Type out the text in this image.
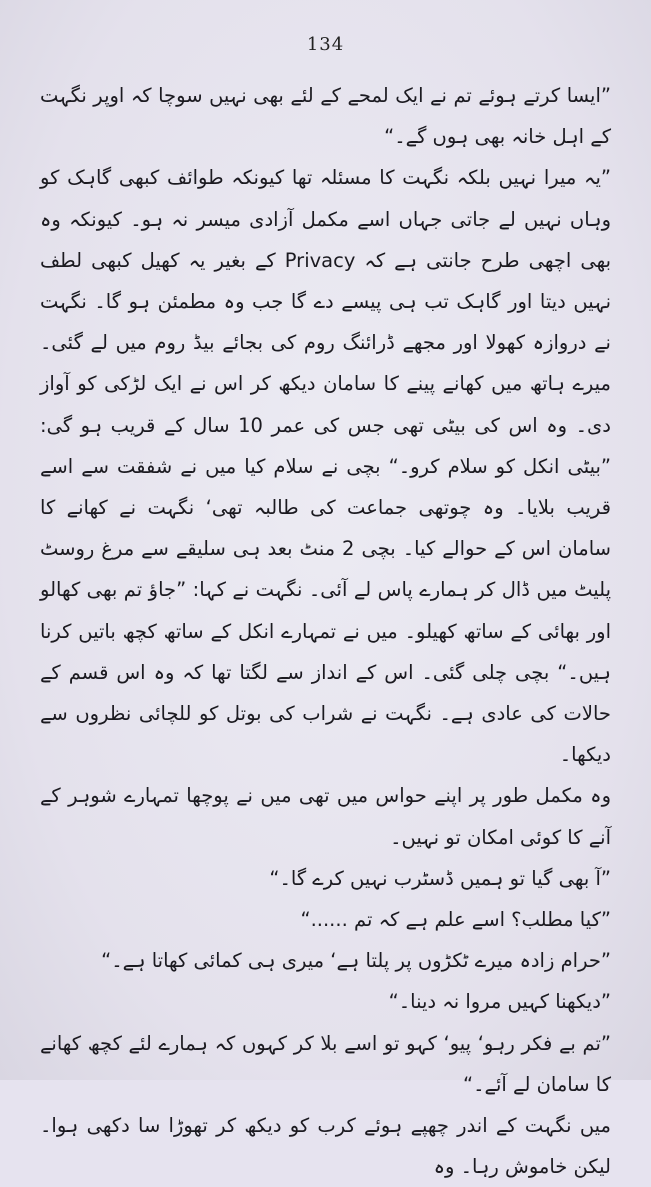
134

”ایسا کرتے ہوئے تم نے ایک لمحے کے لئے بھی نہیں سوچا کہ اوپر نگہت کے اہل خانہ بھی ہوں گے۔“

”یہ میرا نہیں بلکہ نگہت کا مسئلہ تھا کیونکہ طوائف کبھی گاہک کو وہاں نہیں لے جاتی جہاں اسے مکمل آزادی میسر نہ ہو۔ کیونکہ وہ بھی اچھی طرح جانتی ہے کہ Privacy کے بغیر یہ کھیل کبھی لطف نہیں دیتا اور گاہک تب ہی پیسے دے گا جب وہ مطمئن ہو گا۔ نگہت نے دروازہ کھولا اور مجھے ڈرائنگ روم کی بجائے بیڈ روم میں لے گئی۔ میرے ہاتھ میں کھانے پینے کا سامان دیکھ کر اس نے ایک لڑکی کو آواز دی۔ وہ اس کی بیٹی تھی جس کی عمر 10 سال کے قریب ہو گی: ”بیٹی انکل کو سلام کرو۔“ بچی نے سلام کیا میں نے شفقت سے اسے قریب بلایا۔ وہ چوتھی جماعت کی طالبہ تھی‘ نگہت نے کھانے کا سامان اس کے حوالے کیا۔ بچی 2 منٹ بعد ہی سلیقے سے مرغ روسٹ پلیٹ میں ڈال کر ہمارے پاس لے آئی۔ نگہت نے کہا: ”جاؤ تم بھی کھالو اور بھائی کے ساتھ کھیلو۔ میں نے تمہارے انکل کے ساتھ کچھ باتیں کرنا ہیں۔“ بچی چلی گئی۔ اس کے انداز سے لگتا تھا کہ وہ اس قسم کے حالات کی عادی ہے۔ نگہت نے شراب کی بوتل کو للچائی نظروں سے دیکھا۔

وہ مکمل طور پر اپنے حواس میں تھی میں نے پوچھا تمہارے شوہر کے آنے کا کوئی امکان تو نہیں۔

”آ بھی گیا تو ہمیں ڈسٹرب نہیں کرے گا۔“

”کیا مطلب؟ اسے علم ہے کہ تم ......“

”حرام زادہ میرے ٹکڑوں پر پلتا ہے‘ میری ہی کمائی کھاتا ہے۔“

”دیکھنا کہیں مروا نہ دینا۔“

”تم بے فکر رہو‘ پیو‘ کہو تو اسے بلا کر کہوں کہ ہمارے لئے کچھ کھانے کا سامان لے آئے۔“

میں نگہت کے اندر چھپے ہوئے کرب کو دیکھ کر تھوڑا سا دکھی ہوا۔ لیکن خاموش رہا۔ وہ
